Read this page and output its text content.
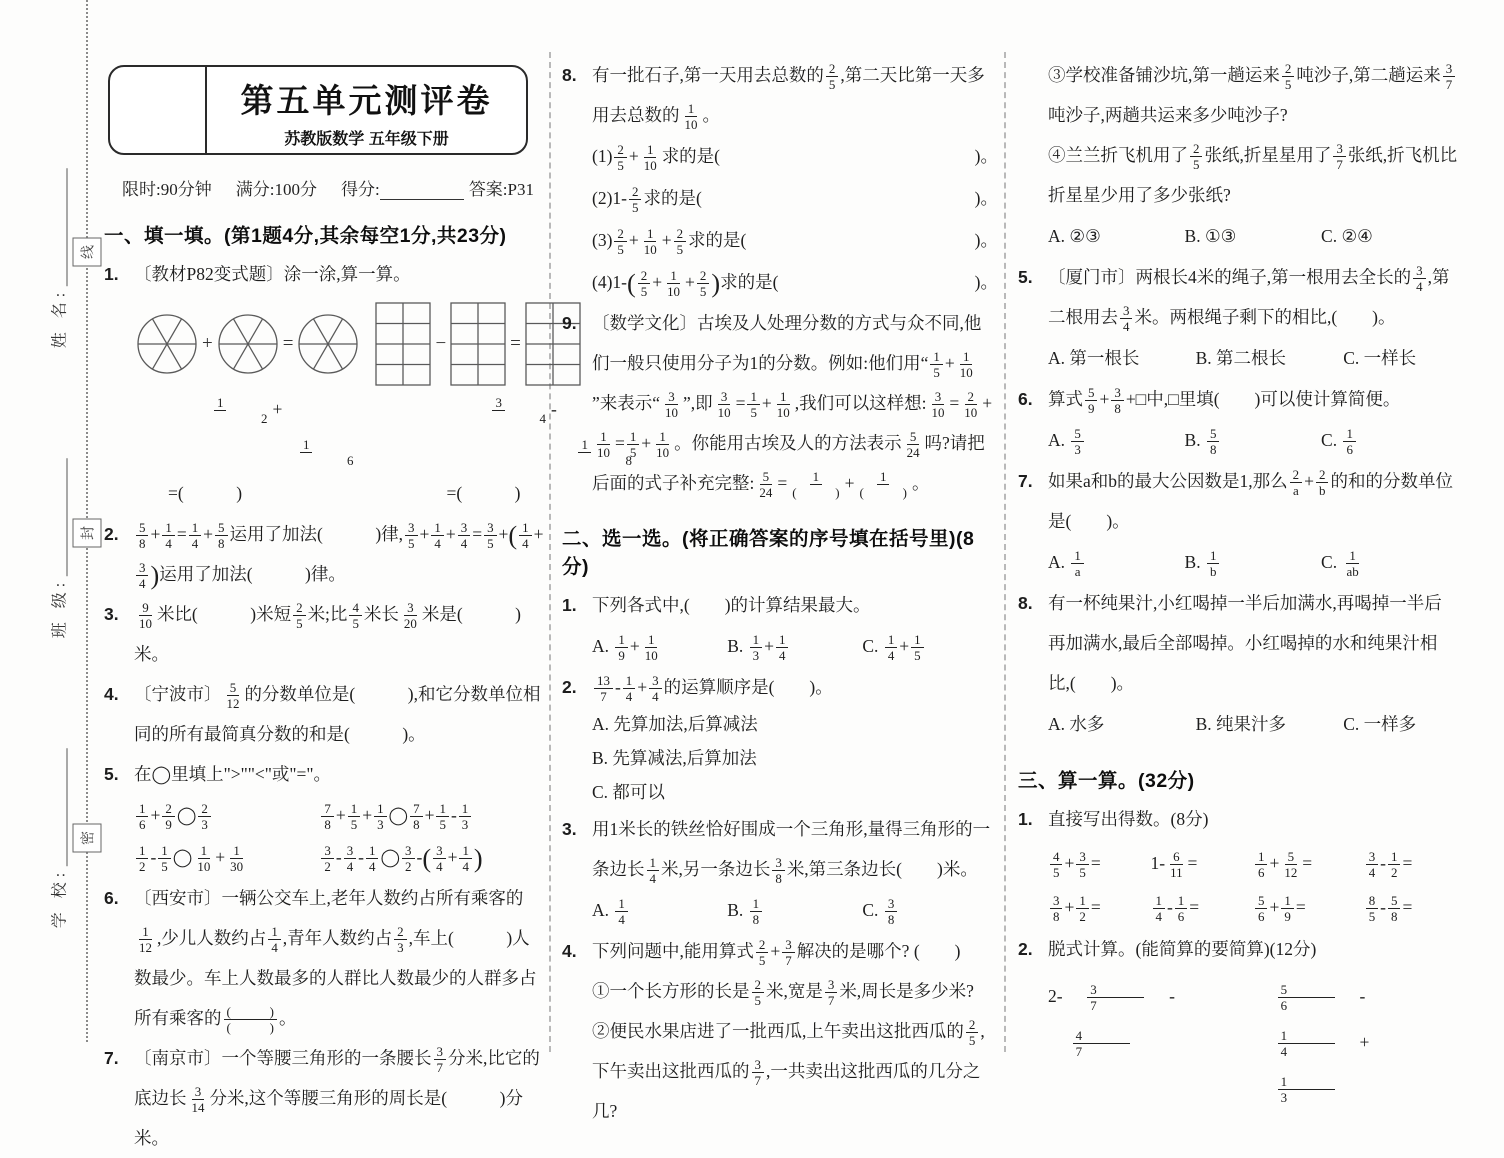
姓 名:
班 级:
学 校:
线
封
密
第五单元测评卷
苏教版数学 五年级下册
限时:90分钟 满分:100分 得分:	答案:P31
一、填一填。(第1题4分,其余每空1分,共23分)
1. 〔教材P82变式题〕涂一涂,算一算。
+	=	−	=
1
2 +
1
6
=(　　　)
3
4 -
1
8
=(　　　)
2.	$\frac{5}{8} + \frac{1}{4} = \frac{1}{4} + \frac{5}{8}$ 运用了加法(　　　)律, $\frac{3}{5} + \frac{1}{4} + \frac{3}{4} = \frac{3}{5}$ +( $\frac{1}{4}$ +
$\frac{3}{4}$ )运用了加法(　　　)律。
3.	$\frac{9}{10}$ 米比(　　　)米短 $\frac{2}{5}$ 米;比 $\frac{4}{5}$ 米长 $\frac{3}{20}$ 米是(　　　)米。
4. 〔宁波市〕 $\frac{5}{12}$ 的分数单位是(　　　),和它分数单位相同的所有最简真分数的和是(　　　)。
5. 在◯里填上">""<"或"="。
$\frac{1}{6} + \frac{2}{9}$ ◯ $\frac{2}{3}$	$\frac{7}{8} + \frac{1}{5} + \frac{1}{3}$ ◯ $\frac{7}{8} + \frac{1}{5} - \frac{1}{3}$
$\frac{1}{2} - \frac{1}{5}$ ◯ $\frac{1}{10} + \frac{1}{30}$	$\frac{3}{2} - \frac{3}{4} - \frac{1}{4}$ ◯ $\frac{3}{2}$ -( $\frac{3}{4} + \frac{1}{4}$ )
6. 〔西安市〕一辆公交车上,老年人数约占所有乘客的
$\frac{1}{12}$ ,少儿人数约占 $\frac{1}{4}$ ,青年人数约占 $\frac{2}{3}$ ,车上(　　　)人数最少。车上人数最多的人群比人数最少的人群多占所有乘客的 $\frac{( )}{( )}$ 。
7. 〔南京市〕一个等腰三角形的一条腰长 $\frac{3}{7}$ 分米,比它的底边长 $\frac{3}{14}$ 分米,这个等腰三角形的周长是(　　　)分米。
8. 有一批石子,第一天用去总数的 $\frac{2}{5}$ ,第二天比第一天多用去总数的 $\frac{1}{10}$ 。
$(1) \frac{2}{5} + \frac{1}{10}$ 求的是(	)。
$(2)1- \frac{2}{5}$ 求的是(	)。
$(3) \frac{2}{5} + \frac{1}{10} + \frac{2}{5}$ 求的是(	)。
$(4)1-( \frac{2}{5} + \frac{1}{10} + \frac{2}{5}$ )求的是(	)。
9. 〔数学文化〕古埃及人处理分数的方式与众不同,他们一般只使用分子为1的分数。例如:他们用“ $\frac{1}{5} + \frac{1}{10}$
”来表示“ $\frac{3}{10}$ ”,即 $\frac{3}{10} = \frac{1}{5} + \frac{1}{10}$ ,我们可以这样想: $\frac{3}{10} = \frac{2}{10}$ +
$\frac{1}{10} = \frac{1}{5} + \frac{1}{10}$ 。你能用古埃及人的方法表示 $\frac{5}{24}$ 吗?请把后面的式子补充完整: $\frac{5}{24} = \frac{1}{( )} + \frac{1}{( )}$ 。
二、选一选。(将正确答案的序号填在括号里)(8分)
1. 下列各式中,(　　)的计算结果最大。
A. $\frac{1}{9} + \frac{1}{10}$	B. $\frac{1}{3} + \frac{1}{4}$	C. $\frac{1}{4} + \frac{1}{5}$
2.	$\frac{13}{7} - \frac{1}{4} + \frac{3}{4}$ 的运算顺序是(　　)。
A. 先算加法,后算减法
B. 先算减法,后算加法
C. 都可以
3. 用1米长的铁丝恰好围成一个三角形,量得三角形的一条边长 $\frac{1}{4}$ 米,另一条边长 $\frac{3}{8}$ 米,第三条边长(　　)米。
A. $\frac{1}{4}$	B. $\frac{1}{8}$	C. $\frac{3}{8}$
4. 下列问题中,能用算式 $\frac{2}{5} + \frac{3}{7}$ 解决的是哪个? (　　)
①一个长方形的长是 $\frac{2}{5}$ 米,宽是 $\frac{3}{7}$ 米,周长是多少米?
②便民水果店进了一批西瓜,上午卖出这批西瓜的 $\frac{2}{5}$ ,下午卖出这批西瓜的 $\frac{3}{7}$ ,一共卖出这批西瓜的几分之几?
③学校准备铺沙坑,第一趟运来 $\frac{2}{5}$ 吨沙子,第二趟运来 $\frac{3}{7}$
吨沙子,两趟共运来多少吨沙子?
④兰兰折飞机用了 $\frac{2}{5}$ 张纸,折星星用了 $\frac{3}{7}$ 张纸,折飞机比折星星少用了多少张纸?
A. ②③	B. ①③	C. ②④
5. 〔厦门市〕两根长4米的绳子,第一根用去全长的 $\frac{3}{4}$ ,第二根用去 $\frac{3}{4}$ 米。两根绳子剩下的相比,(　　)。
A. 第一根长	B. 第二根长	C. 一样长
6. 算式 $\frac{5}{9} + \frac{3}{8}$ +□中,□里填(　　)可以使计算简便。
A. $\frac{5}{3}$	B. $\frac{5}{8}$	C. $\frac{1}{6}$
7. 如果a和b的最大公因数是1,那么 $\frac{2}{a} + \frac{2}{b}$ 的和的分数单位是(　　)。
A. $\frac{1}{a}$	B. $\frac{1}{b}$	C. $\frac{1}{ab}$
8. 有一杯纯果汁,小红喝掉一半后加满水,再喝掉一半后再加满水,最后全部喝掉。小红喝掉的水和纯果汁相比,(　　)。
A. 水多	B. 纯果汁多	C. 一样多
三、算一算。(32分)
1. 直接写出得数。(8分)
$\frac{4}{5} + \frac{3}{5}$ =	$1- \frac{6}{11}$ =	$\frac{1}{6} + \frac{5}{12}$ =	$\frac{3}{4} - \frac{1}{2}$ =
$\frac{3}{8} + \frac{1}{2}$ =	$\frac{1}{4} - \frac{1}{6}$ =	$\frac{5}{6} + \frac{1}{9}$ =	$\frac{8}{5} - \frac{5}{8}$ =
2. 脱式计算。(能简算的要简算)(12分)
$2- \frac{3}{7}$ -
$\frac{4}{7}$
$\frac{5}{6}$ -
$\frac{1}{4}$ +
$\frac{1}{3}$
